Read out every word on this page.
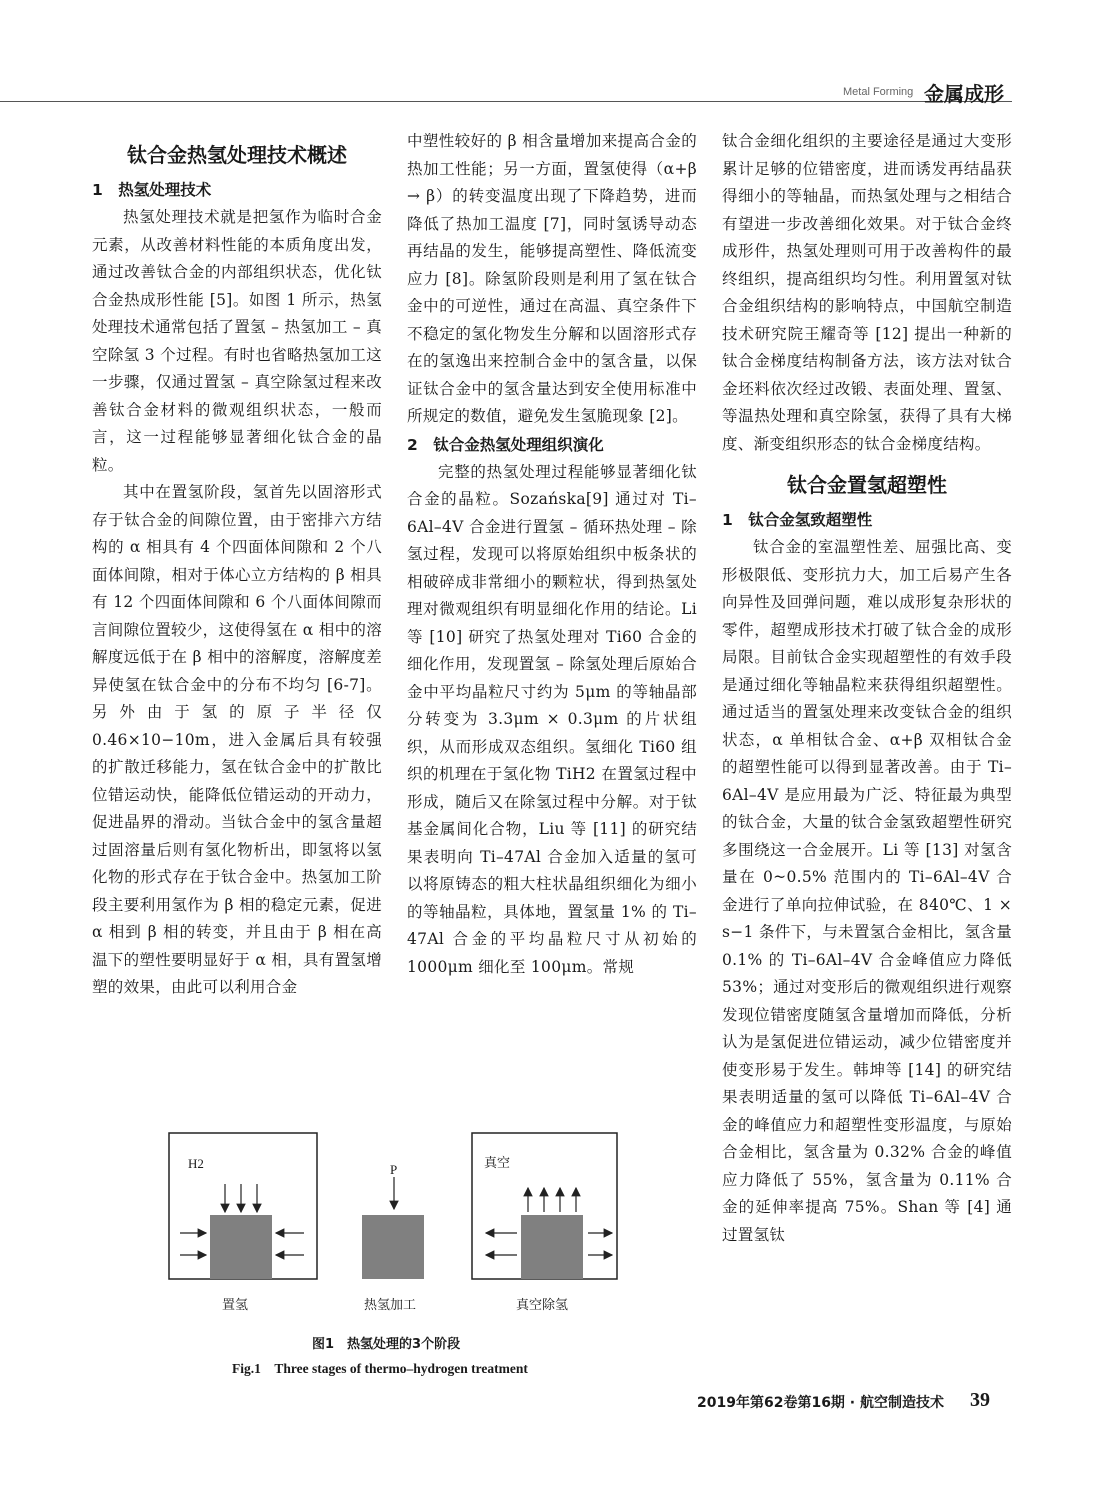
Metal Forming 金属成形
钛合金热氢处理技术概述

1　热氢处理技术

热氢处理技术就是把氢作为临时合金元素，从改善材料性能的本质角度出发，通过改善钛合金的内部组织状态，优化钛合金热成形性能 [5]。如图 1 所示，热氢处理技术通常包括了置氢 – 热氢加工 – 真空除氢 3 个过程。有时也省略热氢加工这一步骤，仅通过置氢 – 真空除氢过程来改善钛合金材料的微观组织状态，一般而言，这一过程能够显著细化钛合金的晶粒。

其中在置氢阶段，氢首先以固溶形式存于钛合金的间隙位置，由于密排六方结构的 α 相具有 4 个四面体间隙和 2 个八面体间隙，相对于体心立方结构的 β 相具有 12 个四面体间隙和 6 个八面体间隙而言间隙位置较少，这使得氢在 α 相中的溶解度远低于在 β 相中的溶解度，溶解度差异使氢在钛合金中的分布不均匀 [6-7]。另外由于氢的原子半径仅 0.46×10−10m，进入金属后具有较强的扩散迁移能力，氢在钛合金中的扩散比位错运动快，能降低位错运动的开动力，促进晶界的滑动。当钛合金中的氢含量超过固溶量后则有氢化物析出，即氢将以氢化物的形式存在于钛合金中。热氢加工阶段主要利用氢作为 β 相的稳定元素，促进 α 相到 β 相的转变，并且由于 β 相在高温下的塑性要明显好于 α 相，具有置氢增塑的效果，由此可以利用合金

中塑性较好的 β 相含量增加来提高合金的热加工性能；另一方面，置氢使得（α+β → β）的转变温度出现了下降趋势，进而降低了热加工温度 [7]，同时氢诱导动态再结晶的发生，能够提高塑性、降低流变应力 [8]。除氢阶段则是利用了氢在钛合金中的可逆性，通过在高温、真空条件下不稳定的氢化物发生分解和以固溶形式存在的氢逸出来控制合金中的氢含量，以保证钛合金中的氢含量达到安全使用标准中所规定的数值，避免发生氢脆现象 [2]。

2　钛合金热氢处理组织演化

完整的热氢处理过程能够显著细化钛合金的晶粒。Sozańska[9] 通过对 Ti–6Al–4V 合金进行置氢 – 循环热处理 – 除氢过程，发现可以将原始组织中板条状的相破碎成非常细小的颗粒状，得到热氢处理对微观组织有明显细化作用的结论。Li 等 [10] 研究了热氢处理对 Ti60 合金的细化作用，发现置氢 – 除氢处理后原始合金中平均晶粒尺寸约为 5μm 的等轴晶部分转变为 3.3μm × 0.3μm 的片状组织，从而形成双态组织。氢细化 Ti60 组织的机理在于氢化物 TiH2 在置氢过程中形成，随后又在除氢过程中分解。对于钛基金属间化合物，Liu 等 [11] 的研究结果表明向 Ti–47Al 合金加入适量的氢可以将原铸态的粗大柱状晶组织细化为细小的等轴晶粒，具体地，置氢量 1% 的 Ti–47Al 合金的平均晶粒尺寸从初始的 1000μm 细化至 100μm。常规

钛合金细化组织的主要途径是通过大变形累计足够的位错密度，进而诱发再结晶获得细小的等轴晶，而热氢处理与之相结合有望进一步改善细化效果。对于钛合金终成形件，热氢处理则可用于改善构件的最终组织，提高组织均匀性。利用置氢对钛合金组织结构的影响特点，中国航空制造技术研究院王耀奇等 [12] 提出一种新的钛合金梯度结构制备方法，该方法对钛合金坯料依次经过改锻、表面处理、置氢、等温热处理和真空除氢，获得了具有大梯度、渐变组织形态的钛合金梯度结构。

钛合金置氢超塑性

1　钛合金氢致超塑性

钛合金的室温塑性差、屈强比高、变形极限低、变形抗力大，加工后易产生各向异性及回弹问题，难以成形复杂形状的零件，超塑成形技术打破了钛合金的成形局限。目前钛合金实现超塑性的有效手段是通过细化等轴晶粒来获得组织超塑性。通过适当的置氢处理来改变钛合金的组织状态，α 单相钛合金、α+β 双相钛合金的超塑性能可以得到显著改善。由于 Ti–6Al–4V 是应用最为广泛、特征最为典型的钛合金，大量的钛合金氢致超塑性研究多围绕这一合金展开。Li 等 [13] 对氢含量在 0~0.5% 范围内的 Ti–6Al–4V 合金进行了单向拉伸试验，在 840℃、1 × s−1 条件下，与未置氢合金相比，氢含量 0.1% 的 Ti–6Al–4V 合金峰值应力降低 53%；通过对变形后的微观组织进行观察发现位错密度随氢含量增加而降低，分析认为是氢促进位错运动，减少位错密度并使变形易于发生。韩坤等 [14] 的研究结果表明适量的氢可以降低 Ti–6Al–4V 合金的峰值应力和超塑性变形温度，与原始合金相比，氢含量为 0.32% 合金的峰值应力降低了 55%，氢含量为 0.11% 合金的延伸率提高 75%。Shan 等 [4] 通过置氢钛

H2	P	真空
置氢	热氢加工	真空除氢
图1　热氢处理的3个阶段
Fig.1　Three stages of thermo–hydrogen treatment
2019年第62卷第16期 · 航空制造技术 39
